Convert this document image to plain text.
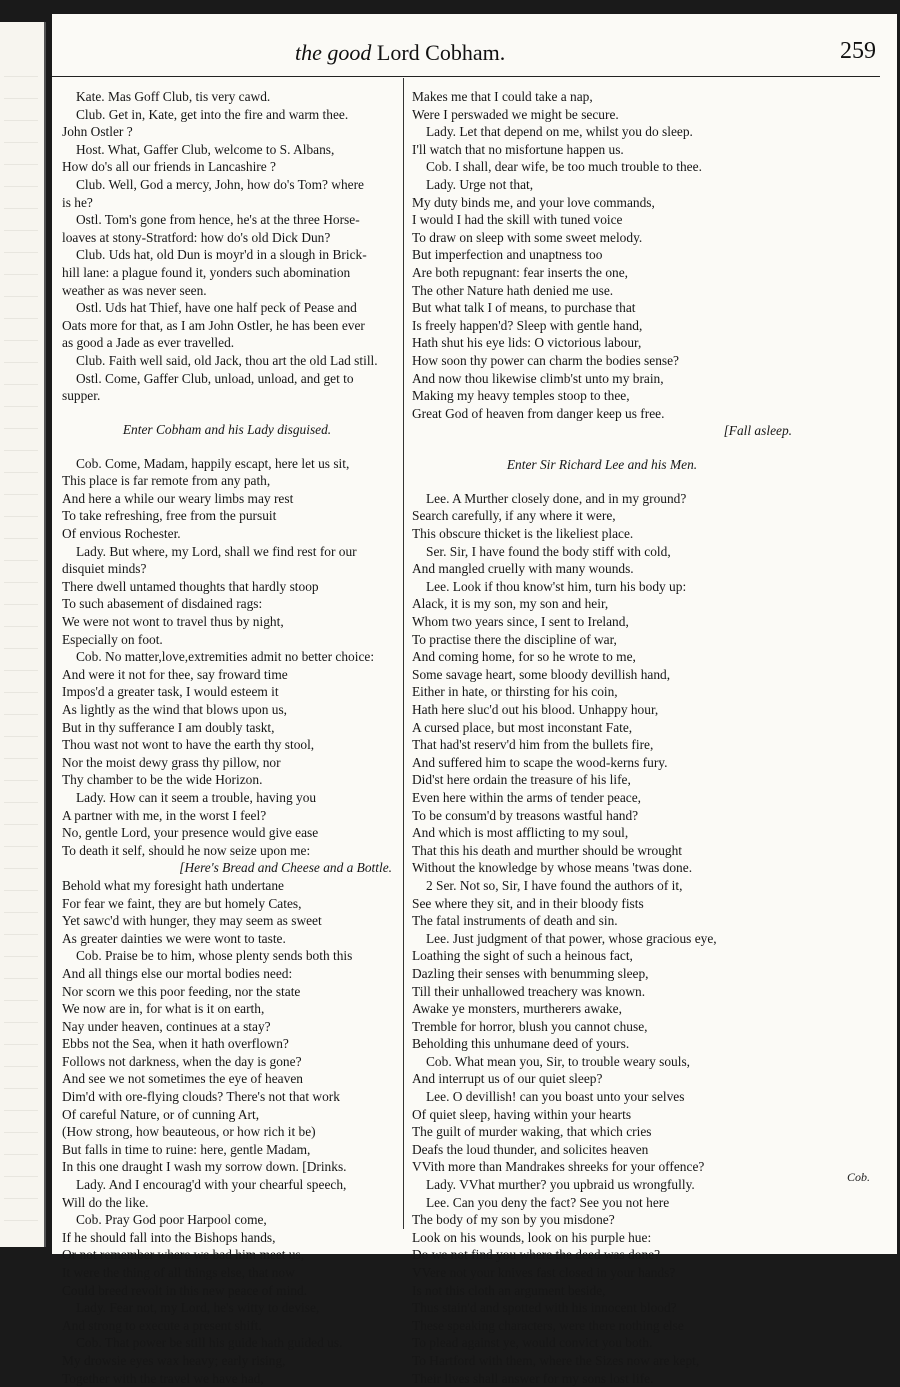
the good Lord Cobham.	259
Kate. Mas Goff Club, tis very cawd.
Club. Get in, Kate, get into the fire and warm thee.
John Ostler ?
Host. What, Gaffer Club, welcome to S. Albans,
How do's all our friends in Lancashire ?
Club. Well, God a mercy, John, how do's Tom? where
is he?
Ostl. Tom's gone from hence, he's at the three Horse-
loaves at stony-Stratford: how do's old Dick Dun?
Club. Uds hat, old Dun is moyr'd in a slough in Brick-
hill lane: a plague found it, yonders such abomination
weather as was never seen.
Ostl. Uds hat Thief, have one half peck of Pease and
Oats more for that, as I am John Ostler, he has been ever
as good a Jade as ever travelled.
Club. Faith well said, old Jack, thou art the old Lad still.
Ostl. Come, Gaffer Club, unload, unload, and get to
supper.
Enter Cobham and his Lady disguised.
Cob. Come, Madam, happily escapt, here let us sit,
This place is far remote from any path,
And here a while our weary limbs may rest
To take refreshing, free from the pursuit
Of envious Rochester.
Lady. But where, my Lord, shall we find rest for our
disquiet minds?
There dwell untamed thoughts that hardly stoop
To such abasement of disdained rags:
We were not wont to travel thus by night,
Especially on foot.
Cob. No matter,love,extremities admit no better choice:
And were it not for thee, say froward time
Impos'd a greater task, I would esteem it
As lightly as the wind that blows upon us,
But in thy sufferance I am doubly taskt,
Thou wast not wont to have the earth thy stool,
Nor the moist dewy grass thy pillow, nor
Thy chamber to be the wide Horizon.
Lady. How can it seem a trouble, having you
A partner with me, in the worst I feel?
No, gentle Lord, your presence would give ease
To death it self, should he now seize upon me:
[Here's Bread and Cheese and a Bottle.
Behold what my foresight hath undertane
For fear we faint, they are but homely Cates,
Yet sawc'd with hunger, they may seem as sweet
As greater dainties we were wont to taste.
Cob. Praise be to him, whose plenty sends both this
And all things else our mortal bodies need:
Nor scorn we this poor feeding, nor the state
We now are in, for what is it on earth,
Nay under heaven, continues at a stay?
Ebbs not the Sea, when it hath overflown?
Follows not darkness, when the day is gone?
And see we not sometimes the eye of heaven
Dim'd with ore-flying clouds? There's not that work
Of careful Nature, or of cunning Art,
(How strong, how beauteous, or how rich it be)
But falls in time to ruine: here, gentle Madam,
In this one draught I wash my sorrow down. [Drinks.
Lady. And I encourag'd with your chearful speech,
Will do the like.
Cob. Pray God poor Harpool come,
If he should fall into the Bishops hands,
Or not remember where we bad him meet us,
It were the thing of all things else, that now
Could breed revolt in this new peace of mind.
Lady. Fear not, my Lord, he's witty to devise,
And strong to execute a present shift.
Cob. That power be still his guide hath guided us.
My drowsie eyes wax heavy; early rising,
Together with the travel we have had,
Makes me that I could take a nap,
Were I perswaded we might be secure.
Lady. Let that depend on me, whilst you do sleep.
I'll watch that no misfortune happen us.
Cob. I shall, dear wife, be too much trouble to thee.
Lady. Urge not that,
My duty binds me, and your love commands,
I would I had the skill with tuned voice
To draw on sleep with some sweet melody.
But imperfection and unaptness too
Are both repugnant: fear inserts the one,
The other Nature hath denied me use.
But what talk I of means, to purchase that
Is freely happen'd? Sleep with gentle hand,
Hath shut his eye lids: O victorious labour,
How soon thy power can charm the bodies sense?
And now thou likewise climb'st unto my brain,
Making my heavy temples stoop to thee,
Great God of heaven from danger keep us free.
[Fall asleep.
Enter Sir Richard Lee and his Men.
Lee. A Murther closely done, and in my ground?
Search carefully, if any where it were,
This obscure thicket is the likeliest place.
Ser. Sir, I have found the body stiff with cold,
And mangled cruelly with many wounds.
Lee. Look if thou know'st him, turn his body up:
Alack, it is my son, my son and heir,
Whom two years since, I sent to Ireland,
To practise there the discipline of war,
And coming home, for so he wrote to me,
Some savage heart, some bloody devillish hand,
Either in hate, or thirsting for his coin,
Hath here sluc'd out his blood. Unhappy hour,
A cursed place, but most inconstant Fate,
That had'st reserv'd him from the bullets fire,
And suffered him to scape the wood-kerns fury.
Did'st here ordain the treasure of his life,
Even here within the arms of tender peace,
To be consum'd by treasons wastful hand?
And which is most afflicting to my soul,
That this his death and murther should be wrought
Without the knowledge by whose means 'twas done.
2 Ser. Not so, Sir, I have found the authors of it,
See where they sit, and in their bloody fists
The fatal instruments of death and sin.
Lee. Just judgment of that power, whose gracious eye,
Loathing the sight of such a heinous fact,
Dazling their senses with benumming sleep,
Till their unhallowed treachery was known.
Awake ye monsters, murtherers awake,
Tremble for horror, blush you cannot chuse,
Beholding this unhumane deed of yours.
Cob. What mean you, Sir, to trouble weary souls,
And interrupt us of our quiet sleep?
Lee. O devillish! can you boast unto your selves
Of quiet sleep, having within your hearts
The guilt of murder waking, that which cries
Deafs the loud thunder, and solicites heaven
VVith more than Mandrakes shreeks for your offence?
Lady. VVhat murther? you upbraid us wrongfully.
Lee. Can you deny the fact? See you not here
The body of my son by you misdone?
Look on his wounds, look on his purple hue:
Do we not find you where the deed was done?
VVere not your knives fast closed in your hands?
Is not this cloth an argument beside,
Thus stain'd and spotted with his innocent blood?
These speaking characters, were there nothing else
To plead against ye, would convict you both.
To Hartford with them, where the Sizes now are kept,
Their lives shall answer for my sons lost life.
Cob.
